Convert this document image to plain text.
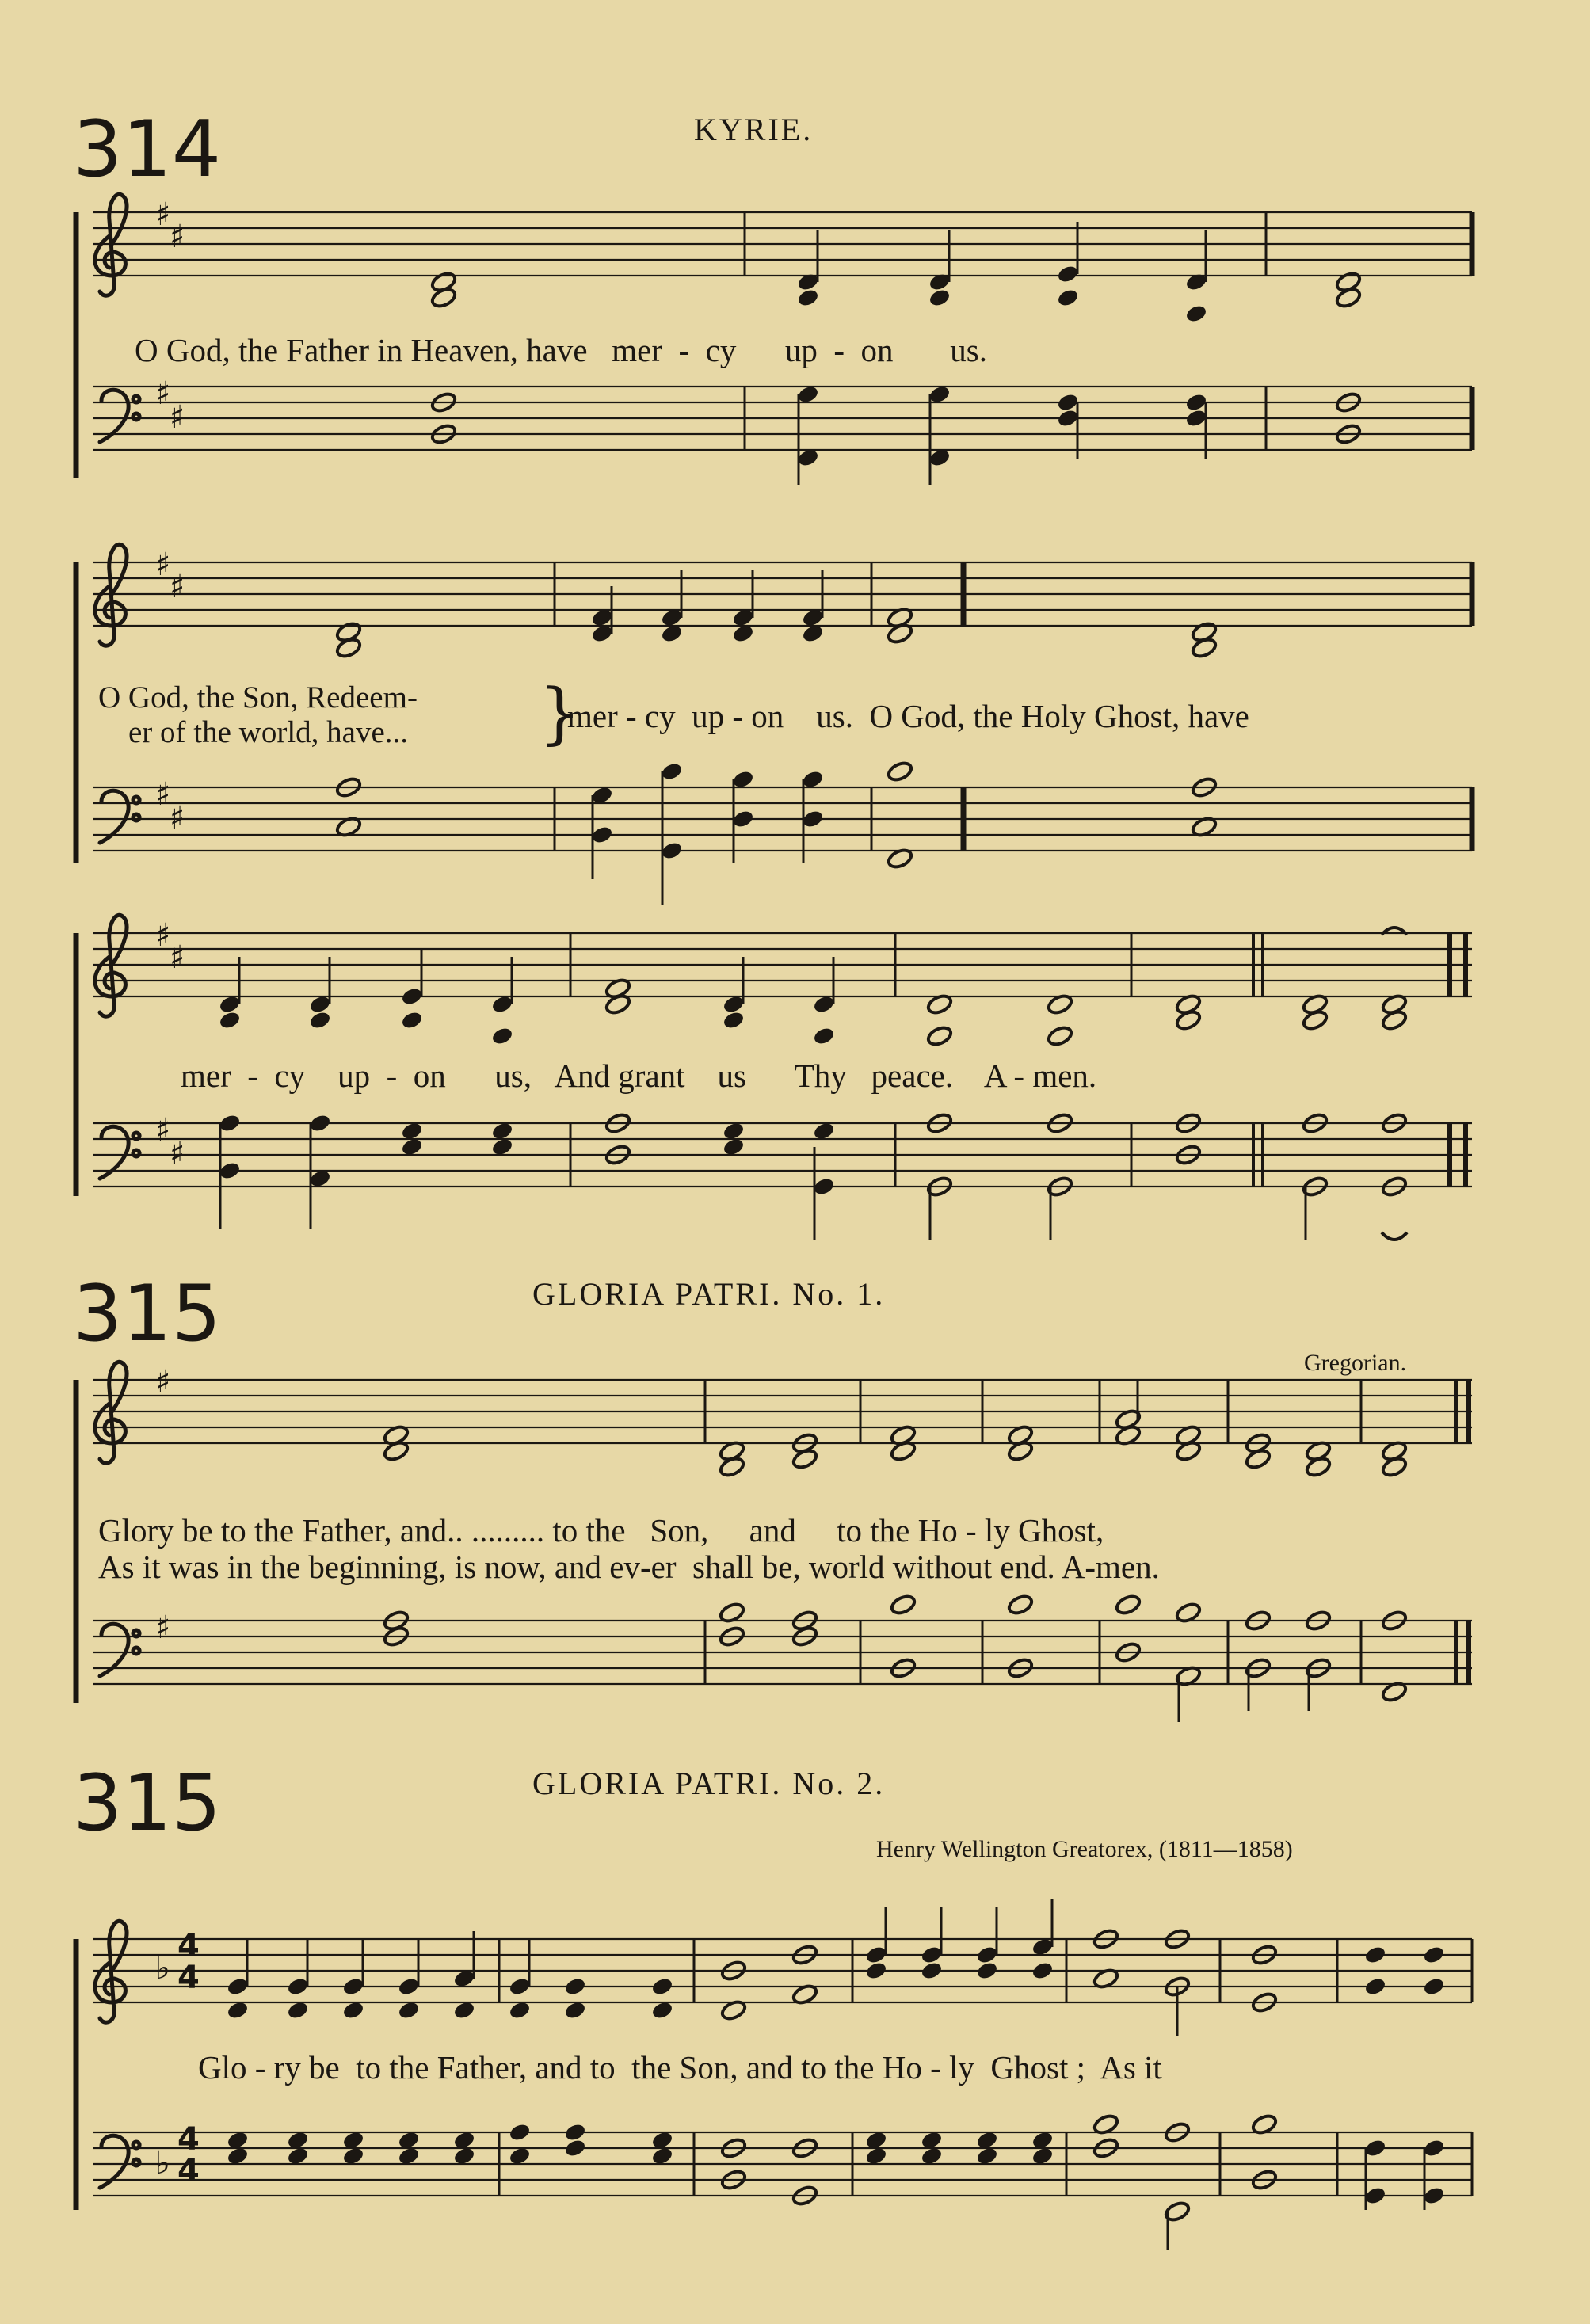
314	KYRIE.
O God, the Father in Heaven, have   mer  -  cy      up  -  on       us.
O God, the Son, Redeem-
er of the world, have... }
mer - cy  up - on    us.  O God, the Holy Ghost, have
mer  -  cy    up  -  on      us,   And grant    us      Thy   peace.    A - men.
315	GLORIA PATRI. No. 1.
Gregorian.
Glory be to the Father, and.. ......... to the   Son,     and     to the Ho - ly Ghost,
As it was in the beginning, is now, and ev-er  shall be, world without end. A-men.
315	GLORIA PATRI. No. 2.
Henry Wellington Greatorex, (1811—1858)
Glo - ry be  to the Father, and to  the Son, and to the Ho - ly  Ghost ;  As it
♯
♯
♯
♯
♯
♯
♯
♯
♯
♯
♯
♯
♯
♯
♭
♭
4
4
4
4
